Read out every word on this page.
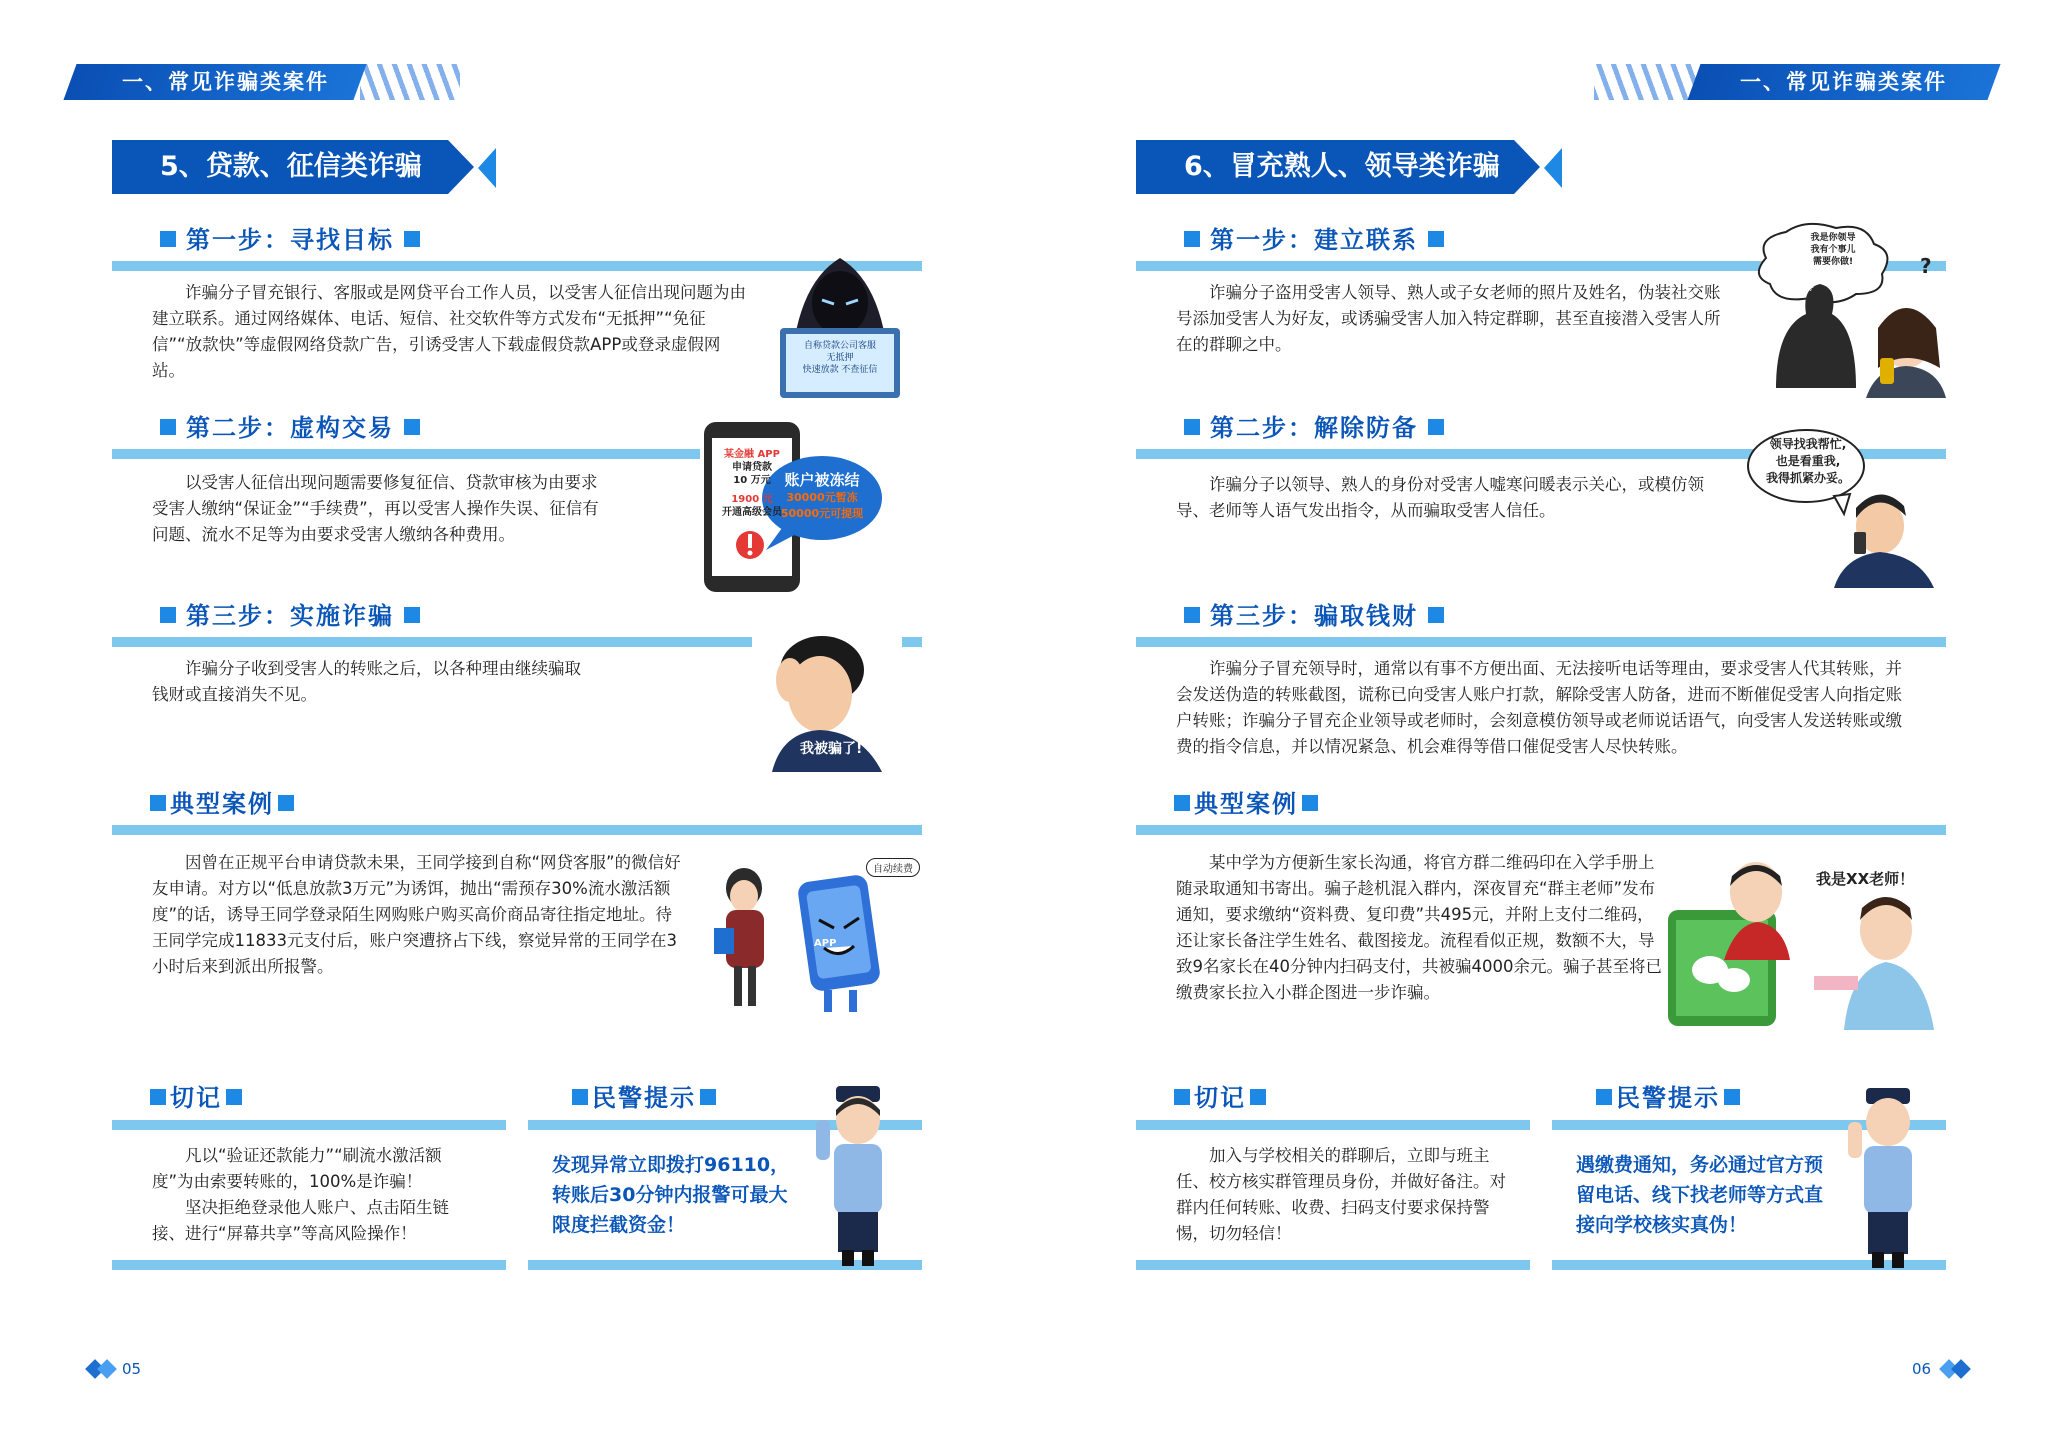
一、常见诈骗类案件
5、贷款、征信类诈骗
第一步：寻找目标
诈骗分子冒充银行、客服或是网贷平台工作人员，以受害人征信出现问题为由建立联系。通过网络媒体、电话、短信、社交软件等方式发布“无抵押”“免征信”“放款快”等虚假网络贷款广告，引诱受害人下载虚假贷款APP或登录虚假网站。
自称贷款公司客服
无抵押
快速放款 不查征信
第二步：虚构交易
以受害人征信出现问题需要修复征信、贷款审核为由要求受害人缴纳“保证金”“手续费”，再以受害人操作失误、征信有问题、流水不足等为由要求受害人缴纳各种费用。
某金融 APP
申请贷款
10 万元
1900 元
开通高级会员
账户被冻结
30000元暂冻
50000元可提现
第三步：实施诈骗
诈骗分子收到受害人的转账之后，以各种理由继续骗取钱财或直接消失不见。
我被骗了!
典型案例
因曾在正规平台申请贷款未果，王同学接到自称“网贷客服”的微信好友申请。对方以“低息放款3万元”为诱饵，抛出“需预存30%流水激活额度”的话，诱导王同学登录陌生网购账户购买高价商品寄往指定地址。待王同学完成11833元支付后，账户突遭挤占下线，察觉异常的王同学在3小时后来到派出所报警。
自动续费
APP
切记
凡以“验证还款能力”“刷流水激活额度”为由索要转账的，100%是诈骗！
坚决拒绝登录他人账户、点击陌生链接、进行“屏幕共享”等高风险操作！
民警提示
发现异常立即拨打96110，转账后30分钟内报警可最大限度拦截资金！
05
一、常见诈骗类案件
6、冒充熟人、领导类诈骗
第一步：建立联系
诈骗分子盗用受害人领导、熟人或子女老师的照片及姓名，伪装社交账号添加受害人为好友，或诱骗受害人加入特定群聊，甚至直接潜入受害人所在的群聊之中。
我是你领导
我有个事儿
需要你做!
冒充领导
?
第二步：解除防备
诈骗分子以领导、熟人的身份对受害人嘘寒问暖表示关心，或模仿领导、老师等人语气发出指令，从而骗取受害人信任。
领导找我帮忙,
也是看重我,
我得抓紧办妥。
第三步：骗取钱财
诈骗分子冒充领导时，通常以有事不方便出面、无法接听电话等理由，要求受害人代其转账，并会发送伪造的转账截图，谎称已向受害人账户打款，解除受害人防备，进而不断催促受害人向指定账户转账；诈骗分子冒充企业领导或老师时，会刻意模仿领导或老师说话语气，向受害人发送转账或缴费的指令信息，并以情况紧急、机会难得等借口催促受害人尽快转账。
典型案例
某中学为方便新生家长沟通，将官方群二维码印在入学手册上随录取通知书寄出。骗子趁机混入群内，深夜冒充“群主老师”发布通知，要求缴纳“资料费、复印费”共495元，并附上支付二维码，还让家长备注学生姓名、截图接龙。流程看似正规，数额不大，导致9名家长在40分钟内扫码支付，共被骗4000余元。骗子甚至将已缴费家长拉入小群企图进一步诈骗。
我是XX老师！
切记
加入与学校相关的群聊后，立即与班主任、校方核实群管理员身份，并做好备注。对群内任何转账、收费、扫码支付要求保持警惕，切勿轻信！
民警提示
遇缴费通知，务必通过官方预留电话、线下找老师等方式直接向学校核实真伪！
06
